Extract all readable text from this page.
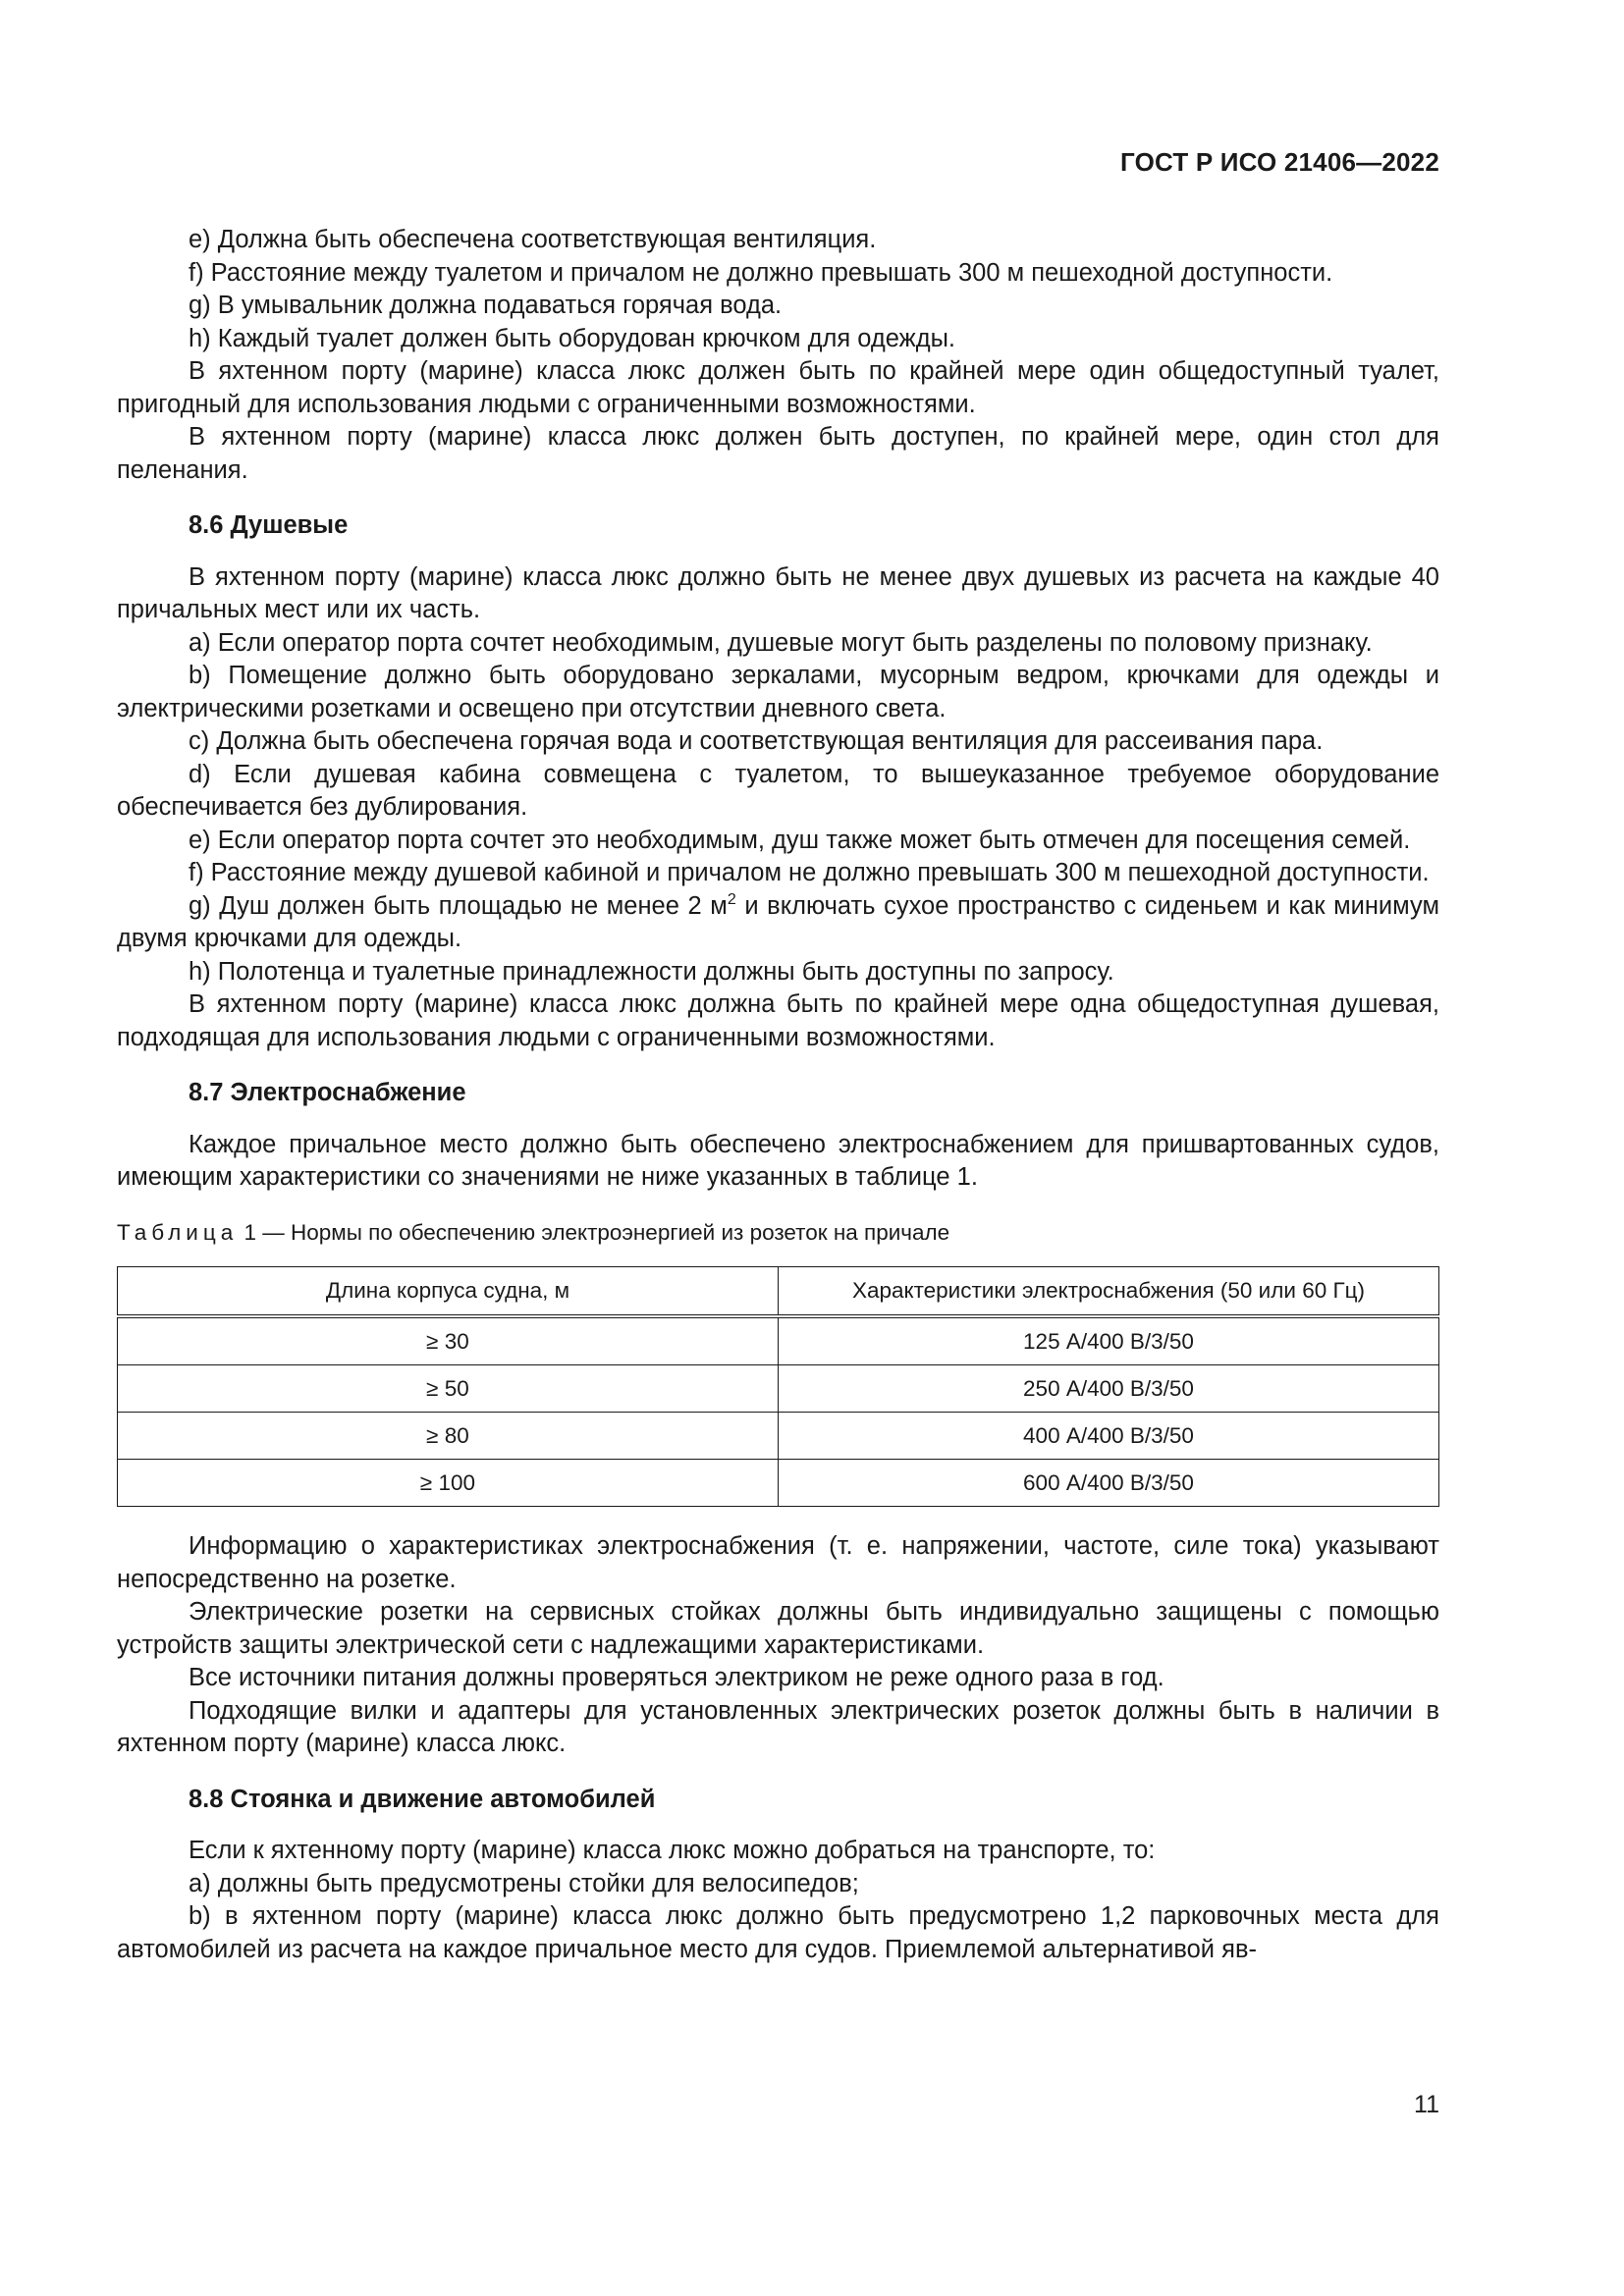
ГОСТ Р ИСО 21406—2022

е) Должна быть обеспечена соответствующая вентиляция.

f) Расстояние между туалетом и причалом не должно превышать 300 м пешеходной доступности.

g) В умывальник должна подаваться горячая вода.

h) Каждый туалет должен быть оборудован крючком для одежды.

В яхтенном порту (марине) класса люкс должен быть по крайней мере один общедоступный туалет, пригодный для использования людьми с ограниченными возможностями.

В яхтенном порту (марине) класса люкс должен быть доступен, по крайней мере, один стол для пеленания.

8.6 Душевые

В яхтенном порту (марине) класса люкс должно быть не менее двух душевых из расчета на каждые 40 причальных мест или их часть.

а) Если оператор порта сочтет необходимым, душевые могут быть разделены по половому признаку.

b) Помещение должно быть оборудовано зеркалами, мусорным ведром, крючками для одежды и электрическими розетками и освещено при отсутствии дневного света.

c) Должна быть обеспечена горячая вода и соответствующая вентиляция для рассеивания пара.

d) Если душевая кабина совмещена с туалетом, то вышеуказанное требуемое оборудование обеспечивается без дублирования.

е) Если оператор порта сочтет это необходимым, душ также может быть отмечен для посещения семей.

f) Расстояние между душевой кабиной и причалом не должно превышать 300 м пешеходной доступности.

g) Душ должен быть площадью не менее 2 $м^2$ и включать сухое пространство с сиденьем и как минимум двумя крючками для одежды.

h) Полотенца и туалетные принадлежности должны быть доступны по запросу.

В яхтенном порту (марине) класса люкс должна быть по крайней мере одна общедоступная душевая, подходящая для использования людьми с ограниченными возможностями.

8.7 Электроснабжение

Каждое причальное место должно быть обеспечено электроснабжением для пришвартованных судов, имеющим характеристики со значениями не ниже указанных в таблице 1.

Таблица 1 — Нормы по обеспечению электроэнергией из розеток на причале
Длина корпуса судна, м	Характеристики электроснабжения (50 или 60 Гц)
≥ 30	125 А/400 В/3/50
≥ 50	250 А/400 В/3/50
≥ 80	400 А/400 В/3/50
≥ 100	600 А/400 В/3/50

Информацию о характеристиках электроснабжения (т. е. напряжении, частоте, силе тока) указывают непосредственно на розетке.

Электрические розетки на сервисных стойках должны быть индивидуально защищены с помощью устройств защиты электрической сети с надлежащими характеристиками.

Все источники питания должны проверяться электриком не реже одного раза в год.

Подходящие вилки и адаптеры для установленных электрических розеток должны быть в наличии в яхтенном порту (марине) класса люкс.

8.8 Стоянка и движение автомобилей

Если к яхтенному порту (марине) класса люкс можно добраться на транспорте, то:

а) должны быть предусмотрены стойки для велосипедов;

b) в яхтенном порту (марине) класса люкс должно быть предусмотрено 1,2 парковочных места для автомобилей из расчета на каждое причальное место для судов. Приемлемой альтернативой яв-

11
